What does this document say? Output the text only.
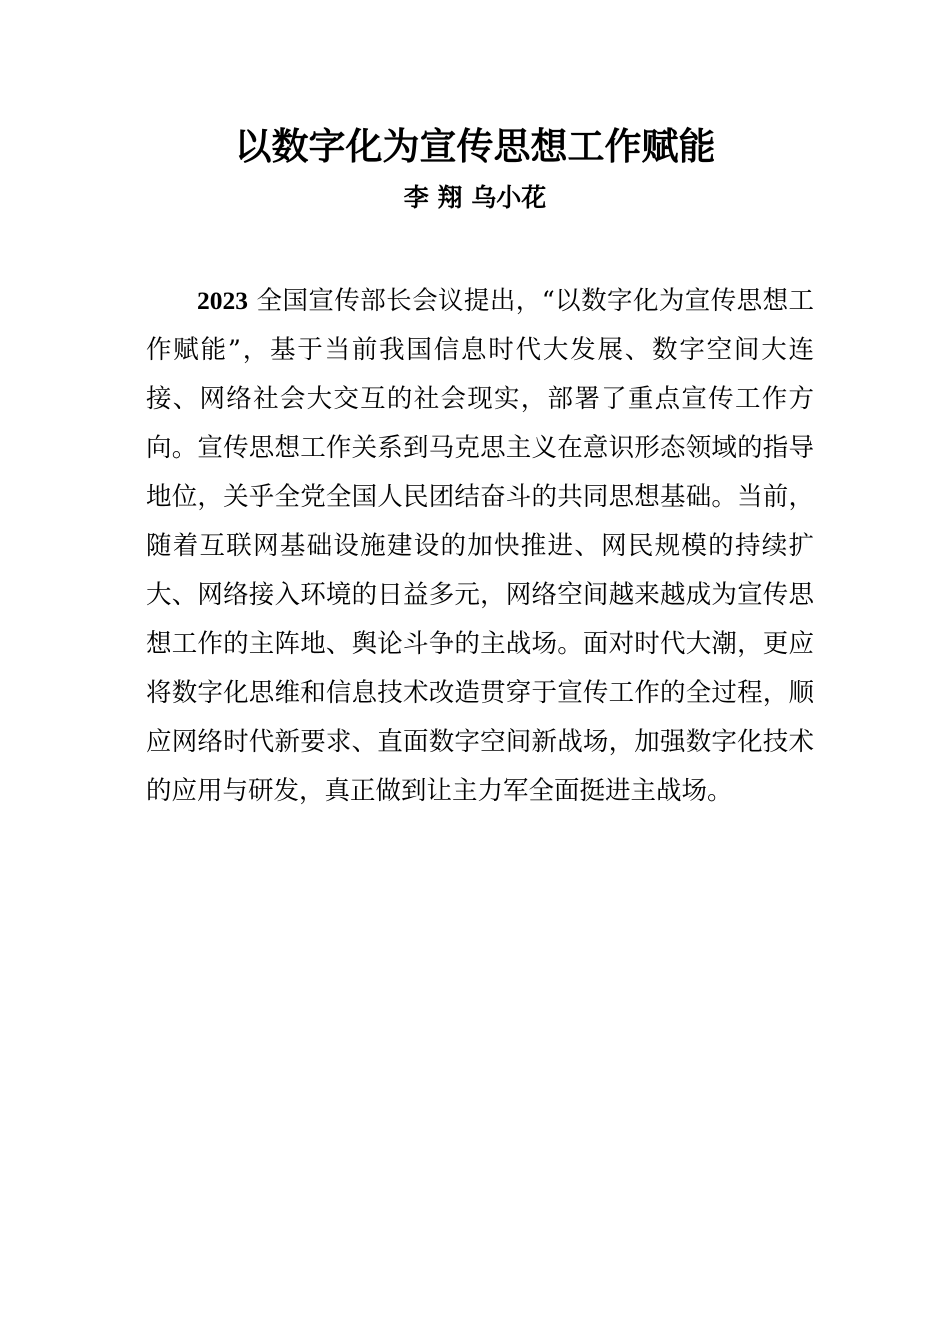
以数字化为宣传思想工作赋能
李 翔 乌小花

2023 全国宣传部长会议提出，“以数字化为宣传思想工作赋能”，基于当前我国信息时代大发展、数字空间大连接、网络社会大交互的社会现实，部署了重点宣传工作方向。宣传思想工作关系到马克思主义在意识形态领域的指导地位，关乎全党全国人民团结奋斗的共同思想基础。当前，随着互联网基础设施建设的加快推进、网民规模的持续扩大、网络接入环境的日益多元，网络空间越来越成为宣传思想工作的主阵地、舆论斗争的主战场。面对时代大潮，更应将数字化思维和信息技术改造贯穿于宣传工作的全过程，顺应网络时代新要求、直面数字空间新战场，加强数字化技术的应用与研发，真正做到让主力军全面挺进主战场。
